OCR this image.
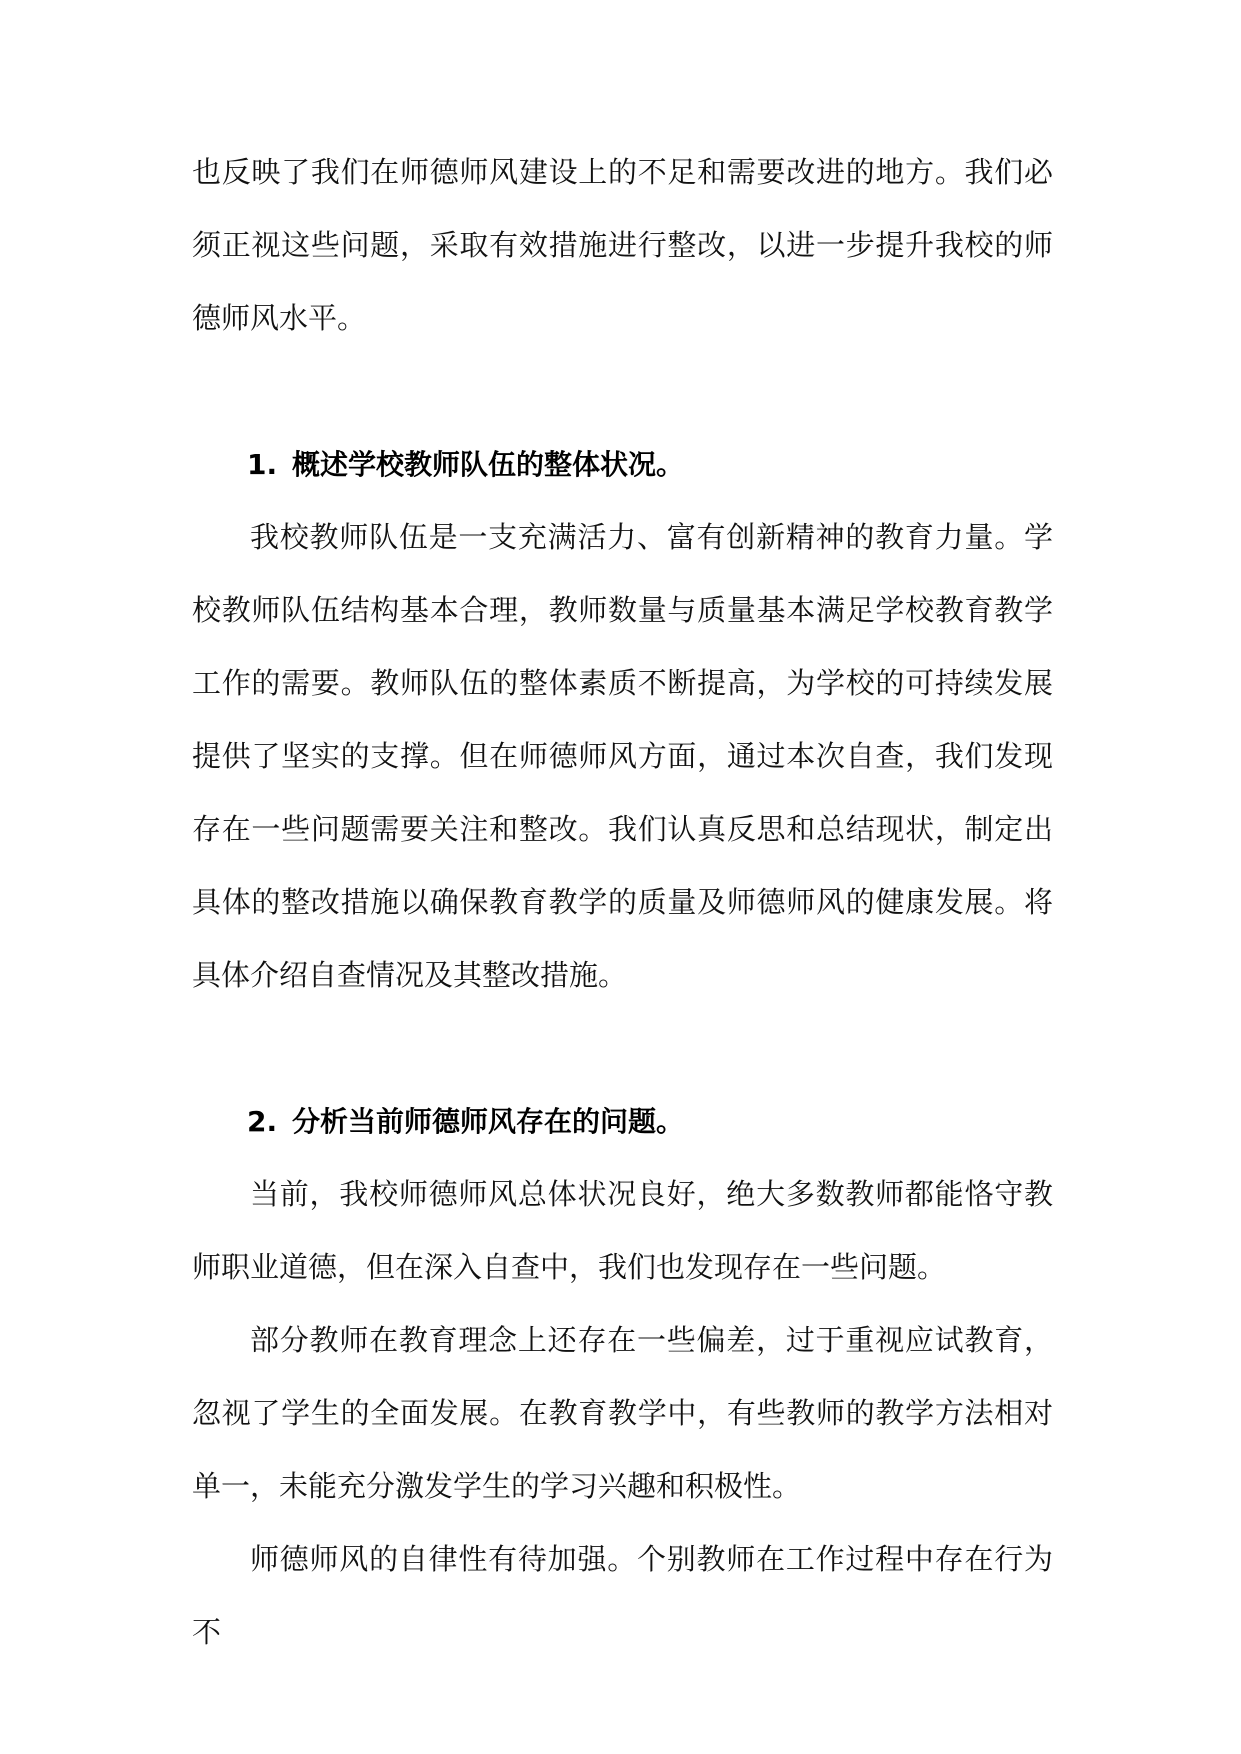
也反映了我们在师德师风建设上的不足和需要改进的地方。我们必须正视这些问题，采取有效措施进行整改，以进一步提升我校的师德师风水平。

1. 概述学校教师队伍的整体状况。

我校教师队伍是一支充满活力、富有创新精神的教育力量。学校教师队伍结构基本合理，教师数量与质量基本满足学校教育教学工作的需要。教师队伍的整体素质不断提高，为学校的可持续发展提供了坚实的支撑。但在师德师风方面，通过本次自查，我们发现存在一些问题需要关注和整改。我们认真反思和总结现状，制定出具体的整改措施以确保教育教学的质量及师德师风的健康发展。将具体介绍自查情况及其整改措施。

2. 分析当前师德师风存在的问题。

当前，我校师德师风总体状况良好，绝大多数教师都能恪守教师职业道德，但在深入自查中，我们也发现存在一些问题。

部分教师在教育理念上还存在一些偏差，过于重视应试教育，忽视了学生的全面发展。在教育教学中，有些教师的教学方法相对单一，未能充分激发学生的学习兴趣和积极性。

师德师风的自律性有待加强。个别教师在工作过程中存在行为不
